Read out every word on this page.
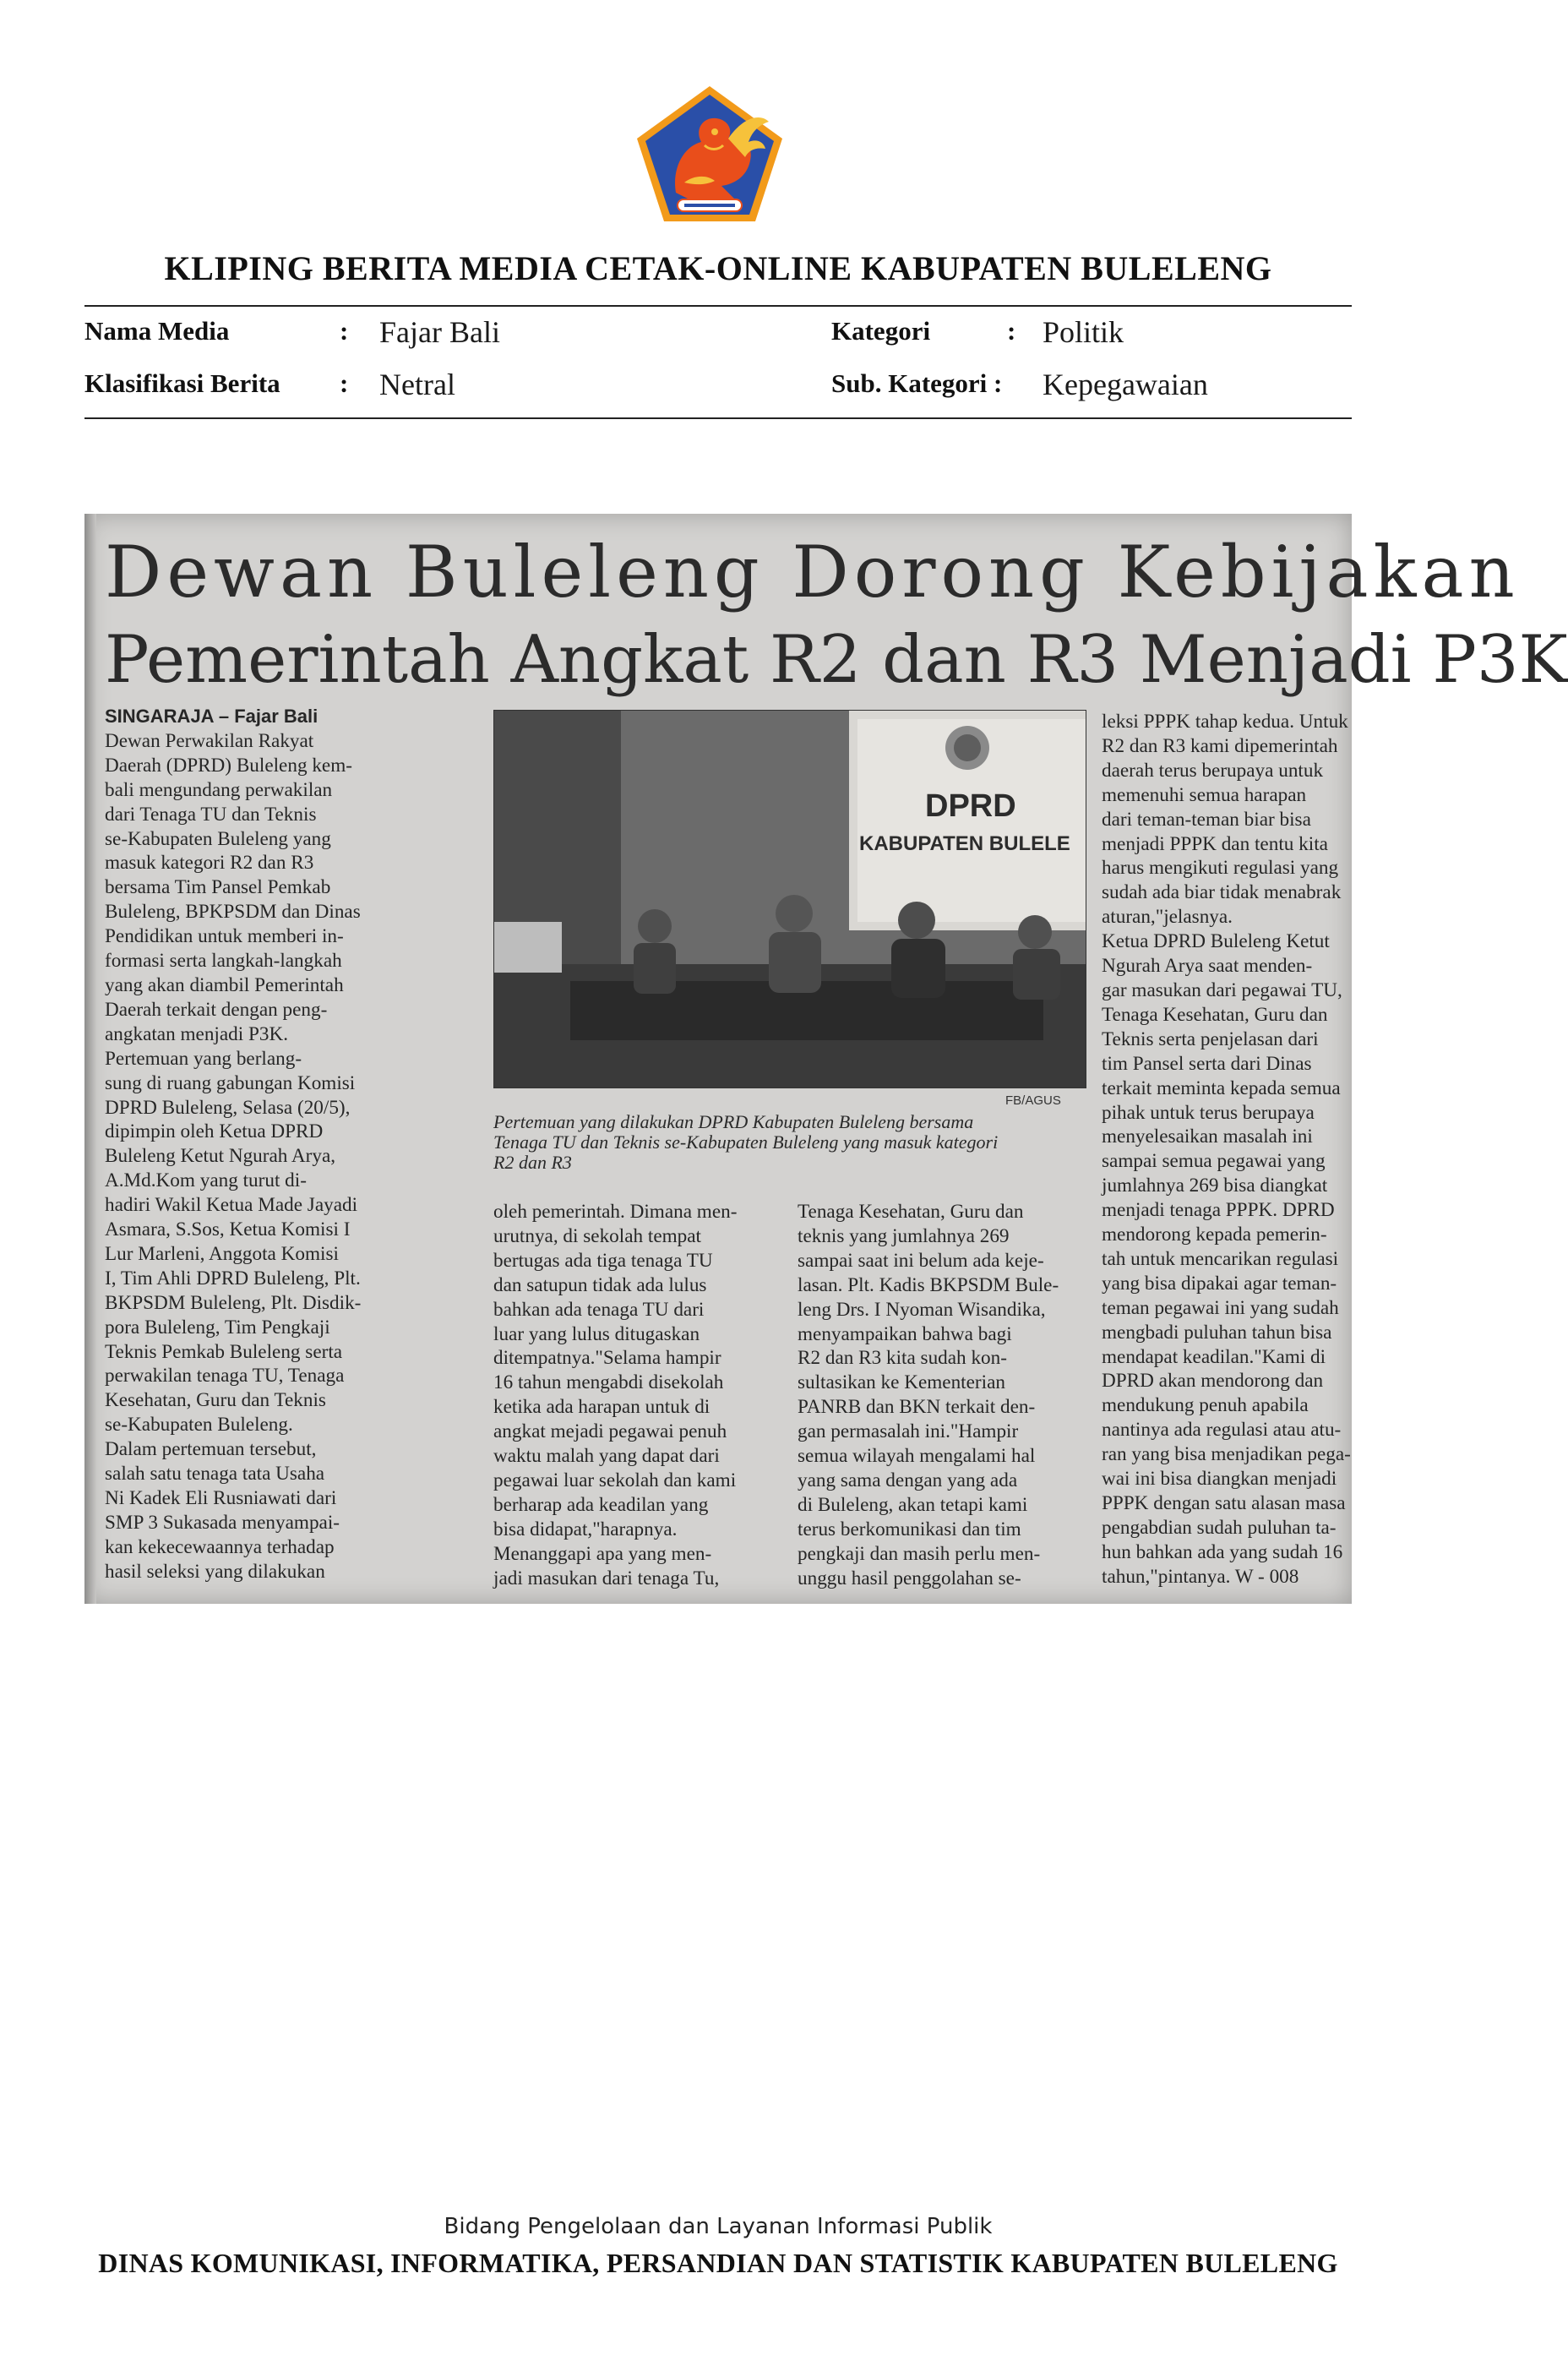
KLIPING BERITA MEDIA CETAK-ONLINE KABUPATEN BULELENG
Nama Media	: Fajar Bali
Klasifikasi Berita : Netral
Kategori	: Politik
Sub. Kategori : Kepegawaian
Dewan Buleleng Dorong Kebijakan
Pemerintah Angkat R2 dan R3 Menjadi P3K
SINGARAJA – Fajar Bali
Dewan Perwakilan Rakyat
Daerah (DPRD) Buleleng kem-
bali mengundang perwakilan
dari Tenaga TU dan Teknis
se-Kabupaten Buleleng yang
masuk kategori R2 dan R3
bersama Tim Pansel Pemkab
Buleleng, BPKPSDM dan Dinas
Pendidikan untuk memberi in-
formasi serta langkah-langkah
yang akan diambil Pemerintah
Daerah terkait dengan peng-
angkatan menjadi P3K.
Pertemuan yang berlang-
sung di ruang gabungan Komisi
DPRD Buleleng, Selasa (20/5),
dipimpin oleh Ketua DPRD
Buleleng Ketut Ngurah Arya,
A.Md.Kom yang turut di-
hadiri Wakil Ketua Made Jayadi
Asmara, S.Sos, Ketua Komisi I
Lur Marleni, Anggota Komisi
I, Tim Ahli DPRD Buleleng, Plt.
BKPSDM Buleleng, Plt. Disdik-
pora Buleleng, Tim Pengkaji
Teknis Pemkab Buleleng serta
perwakilan tenaga TU, Tenaga
Kesehatan, Guru dan Teknis
se-Kabupaten Buleleng.
Dalam pertemuan tersebut,
salah satu tenaga tata Usaha
Ni Kadek Eli Rusniawati dari
SMP 3 Sukasada menyampai-
kan kekecewaannya terhadap
hasil seleksi yang dilakukan
DPRD
KABUPATEN BULELE
FB/AGUS
Pertemuan yang dilakukan DPRD Kabupaten Buleleng bersama
Tenaga TU dan Teknis se-Kabupaten Buleleng yang masuk kategori
R2 dan R3
oleh pemerintah. Dimana men-
urutnya, di sekolah tempat
bertugas ada tiga tenaga TU
dan satupun tidak ada lulus
bahkan ada tenaga TU dari
luar yang lulus ditugaskan
ditempatnya."Selama hampir
16 tahun mengabdi disekolah
ketika ada harapan untuk di
angkat mejadi pegawai penuh
waktu malah yang dapat dari
pegawai luar sekolah dan kami
berharap ada keadilan yang
bisa didapat,"harapnya.
Menanggapi apa yang men-
jadi masukan dari tenaga Tu,
Tenaga Kesehatan, Guru dan
teknis yang jumlahnya 269
sampai saat ini belum ada keje-
lasan. Plt. Kadis BKPSDM Bule-
leng Drs. I Nyoman Wisandika,
menyampaikan bahwa bagi
R2 dan R3 kita sudah kon-
sultasikan ke Kementerian
PANRB dan BKN terkait den-
gan permasalah ini."Hampir
semua wilayah mengalami hal
yang sama dengan yang ada
di Buleleng, akan tetapi kami
terus berkomunikasi dan tim
pengkaji dan masih perlu men-
unggu hasil penggolahan se-
leksi PPPK tahap kedua. Untuk
R2 dan R3 kami dipemerintah
daerah terus berupaya untuk
memenuhi semua harapan
dari teman-teman biar bisa
menjadi PPPK dan tentu kita
harus mengikuti regulasi yang
sudah ada biar tidak menabrak
aturan,"jelasnya.
Ketua DPRD Buleleng Ketut
Ngurah Arya saat menden-
gar masukan dari pegawai TU,
Tenaga Kesehatan, Guru dan
Teknis serta penjelasan dari
tim Pansel serta dari Dinas
terkait meminta kepada semua
pihak untuk terus berupaya
menyelesaikan masalah ini
sampai semua pegawai yang
jumlahnya 269 bisa diangkat
menjadi tenaga PPPK. DPRD
mendorong kepada pemerin-
tah untuk mencarikan regulasi
yang bisa dipakai agar teman-
teman pegawai ini yang sudah
mengbadi puluhan tahun bisa
mendapat keadilan."Kami di
DPRD akan mendorong dan
mendukung penuh apabila
nantinya ada regulasi atau atu-
ran yang bisa menjadikan pega-
wai ini bisa diangkan menjadi
PPPK dengan satu alasan masa
pengabdian sudah puluhan ta-
hun bahkan ada yang sudah 16
tahun,"pintanya. W - 008
Bidang Pengelolaan dan Layanan Informasi Publik
DINAS KOMUNIKASI, INFORMATIKA, PERSANDIAN DAN STATISTIK KABUPATEN BULELENG
